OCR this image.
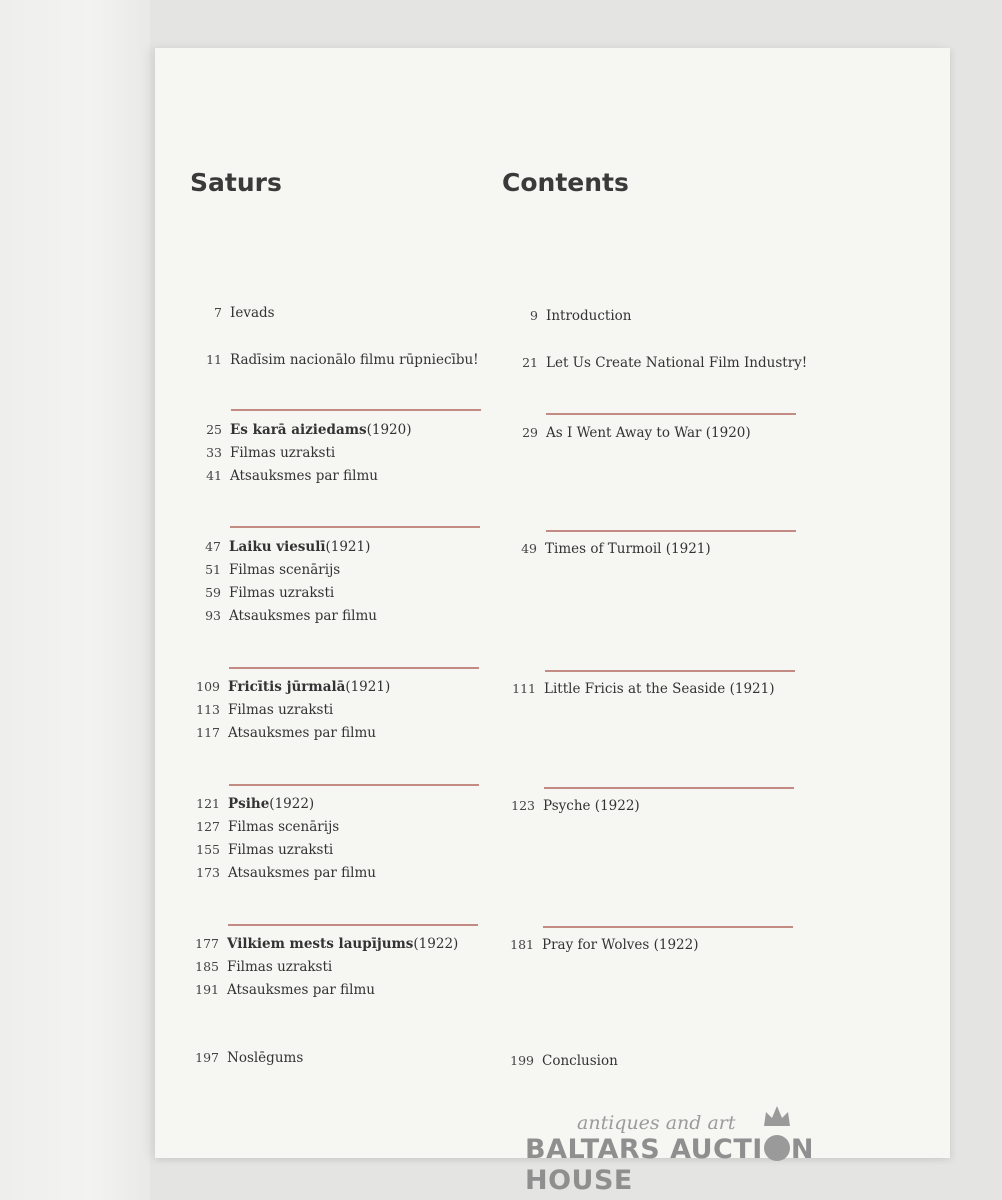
Saturs	Contents
7 Ievads
11 Radīsim nacionālo filmu rūpniecību!
25 Es karā aiziedams (1920)
33 Filmas uzraksti
41 Atsauksmes par filmu
47 Laiku viesulī (1921)
51 Filmas scenārijs
59 Filmas uzraksti
93 Atsauksmes par filmu
109 Fricītis jūrmalā (1921)
113 Filmas uzraksti
117 Atsauksmes par filmu
121 Psihe (1922)
127 Filmas scenārijs
155 Filmas uzraksti
173 Atsauksmes par filmu
177 Vilkiem mests laupījums (1922)
185 Filmas uzraksti
191 Atsauksmes par filmu
197 Noslēgums
9 Introduction
21 Let Us Create National Film Industry!
29 As I Went Away to War (1920)
49 Times of Turmoil (1921)
111 Little Fricis at the Seaside (1921)
123 Psyche (1922)
181 Pray for Wolves (1922)
199 Conclusion
antiques and art
BALTARS AUCTI N HOUSE
